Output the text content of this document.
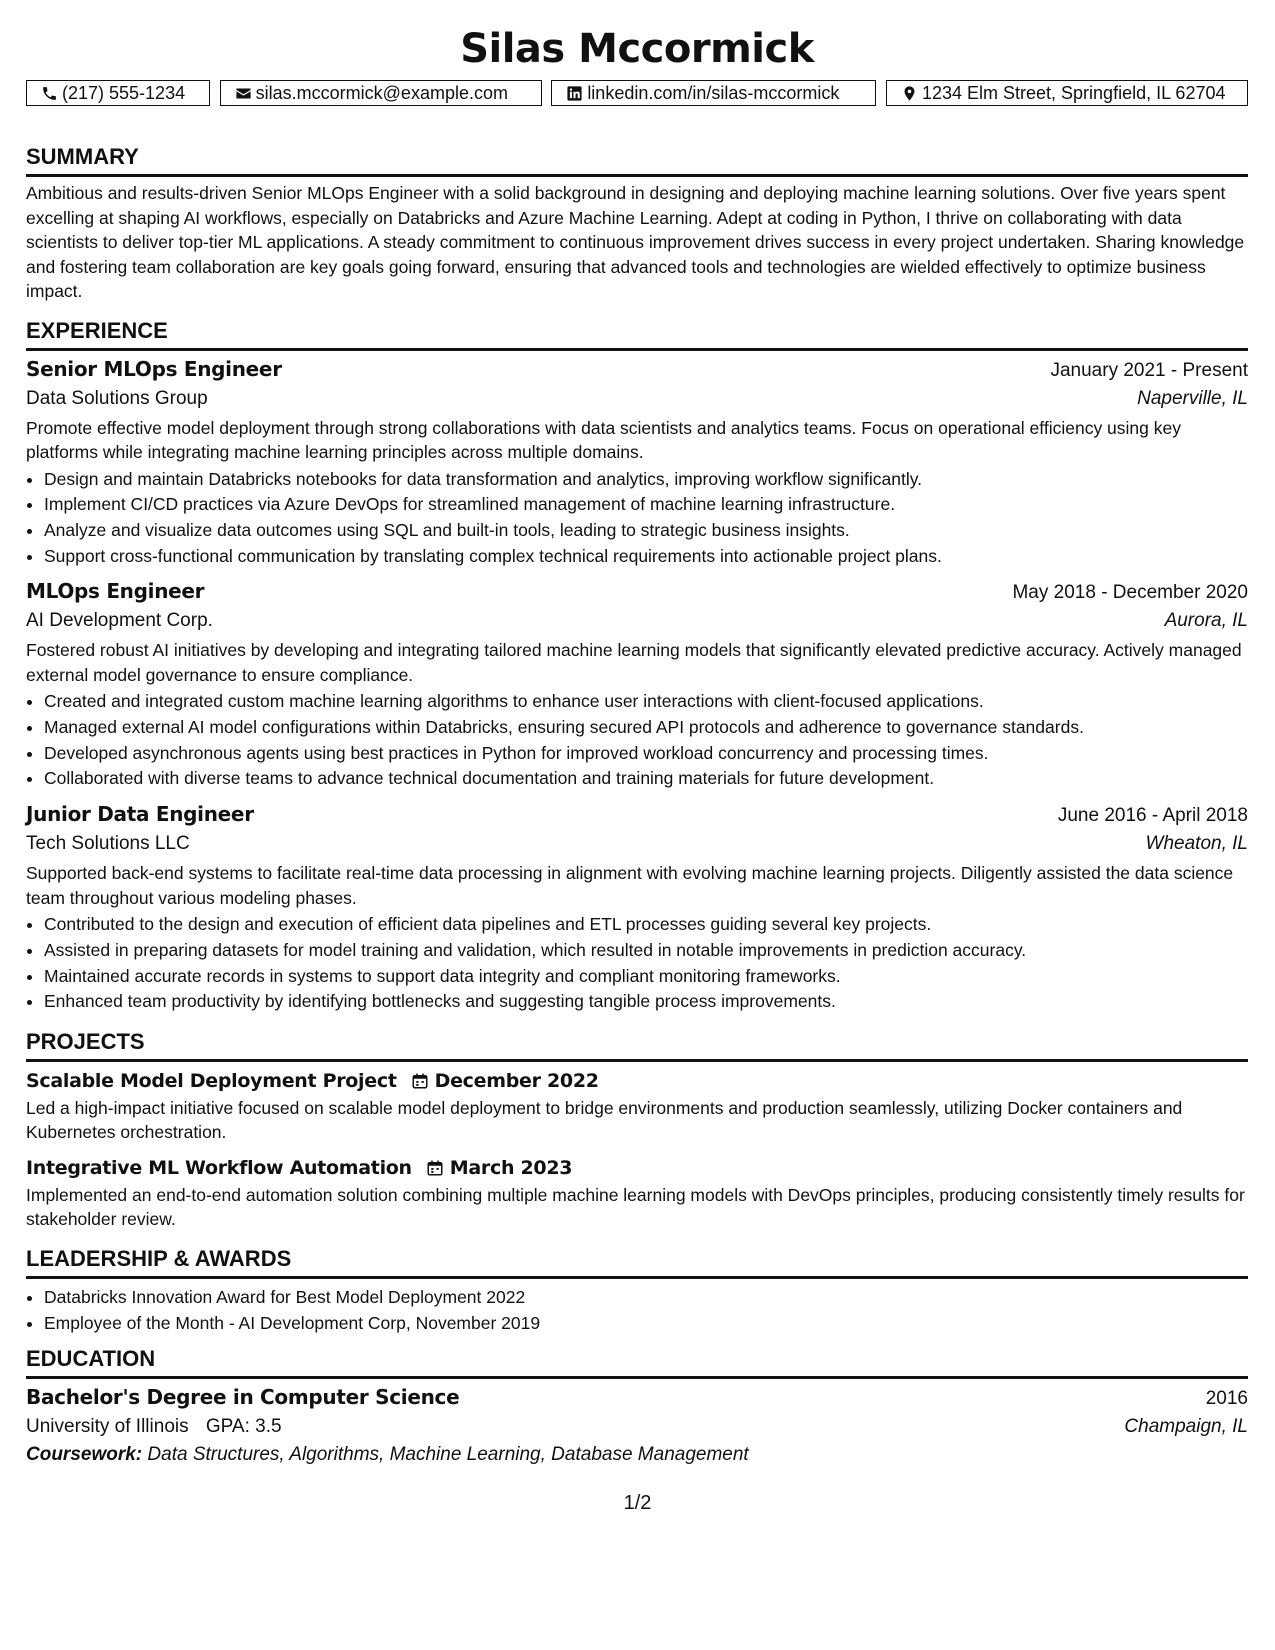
Silas Mccormick
(217) 555-1234	silas.mccormick@example.com	linkedin.com/in/silas-mccormick	1234 Elm Street, Springfield, IL 62704
SUMMARY
Ambitious and results-driven Senior MLOps Engineer with a solid background in designing and deploying machine learning solutions. Over five years spent excelling at shaping AI workflows, especially on Databricks and Azure Machine Learning. Adept at coding in Python, I thrive on collaborating with data scientists to deliver top-tier ML applications. A steady commitment to continuous improvement drives success in every project undertaken. Sharing knowledge and fostering team collaboration are key goals going forward, ensuring that advanced tools and technologies are wielded effectively to optimize business impact.
EXPERIENCE
Senior MLOps Engineer	January 2021 - Present
Data Solutions Group	Naperville, IL
Promote effective model deployment through strong collaborations with data scientists and analytics teams. Focus on operational efficiency using key platforms while integrating machine learning principles across multiple domains.
• Design and maintain Databricks notebooks for data transformation and analytics, improving workflow significantly.
• Implement CI/CD practices via Azure DevOps for streamlined management of machine learning infrastructure.
• Analyze and visualize data outcomes using SQL and built-in tools, leading to strategic business insights.
• Support cross-functional communication by translating complex technical requirements into actionable project plans.
MLOps Engineer	May 2018 - December 2020
AI Development Corp.	Aurora, IL
Fostered robust AI initiatives by developing and integrating tailored machine learning models that significantly elevated predictive accuracy. Actively managed external model governance to ensure compliance.
• Created and integrated custom machine learning algorithms to enhance user interactions with client-focused applications.
• Managed external AI model configurations within Databricks, ensuring secured API protocols and adherence to governance standards.
• Developed asynchronous agents using best practices in Python for improved workload concurrency and processing times.
• Collaborated with diverse teams to advance technical documentation and training materials for future development.
Junior Data Engineer	June 2016 - April 2018
Tech Solutions LLC	Wheaton, IL
Supported back-end systems to facilitate real-time data processing in alignment with evolving machine learning projects. Diligently assisted the data science team throughout various modeling phases.
• Contributed to the design and execution of efficient data pipelines and ETL processes guiding several key projects.
• Assisted in preparing datasets for model training and validation, which resulted in notable improvements in prediction accuracy.
• Maintained accurate records in systems to support data integrity and compliant monitoring frameworks.
• Enhanced team productivity by identifying bottlenecks and suggesting tangible process improvements.
PROJECTS
Scalable Model Deployment Project December 2022
Led a high-impact initiative focused on scalable model deployment to bridge environments and production seamlessly, utilizing Docker containers and Kubernetes orchestration.
Integrative ML Workflow Automation March 2023
Implemented an end-to-end automation solution combining multiple machine learning models with DevOps principles, producing consistently timely results for stakeholder review.
LEADERSHIP & AWARDS
• Databricks Innovation Award for Best Model Deployment 2022
• Employee of the Month - AI Development Corp, November 2019
EDUCATION
Bachelor's Degree in Computer Science	2016
University of Illinois GPA: 3.5	Champaign, IL
Coursework: Data Structures, Algorithms, Machine Learning, Database Management
1/2
